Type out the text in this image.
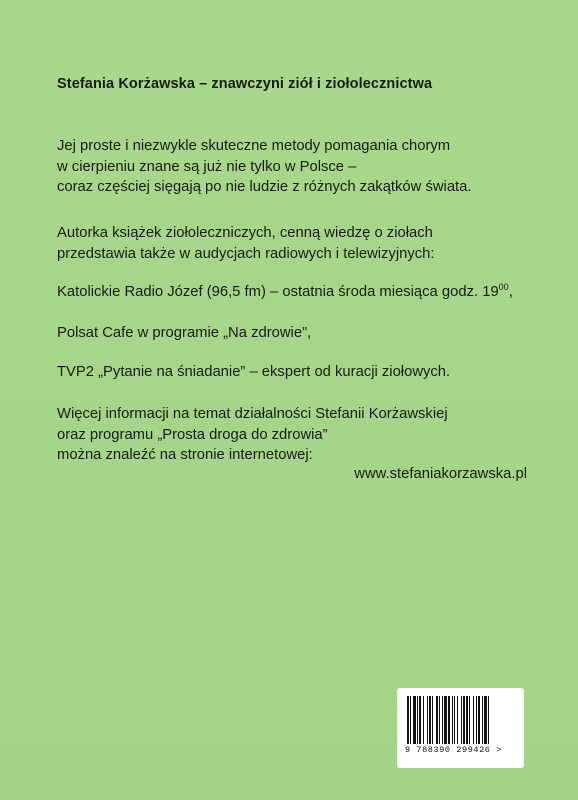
Stefania Korżawska – znawczyni ziół i ziołolecznictwa
Jej proste i niezwykle skuteczne metody pomagania chorym
w cierpieniu znane są już nie tylko w Polsce –
coraz częściej sięgają po nie ludzie z różnych zakątków świata.
Autorka książek ziołoleczniczych, cenną wiedzę o ziołach
przedstawia także w audycjach radiowych i telewizyjnych:
Katolickie Radio Józef (96,5 fm) – ostatnia środa miesiąca godz. $19^{00}$,
Polsat Cafe w programie „Na zdrowie”,
TVP2 „Pytanie na śniadanie” – ekspert od kuracji ziołowych.
Więcej informacji na temat działalności Stefanii Korżawskiej
oraz programu „Prosta droga do zdrowia”
można znaleźć na stronie internetowej:
www.stefaniakorzawska.pl
9 788390 299426 >
